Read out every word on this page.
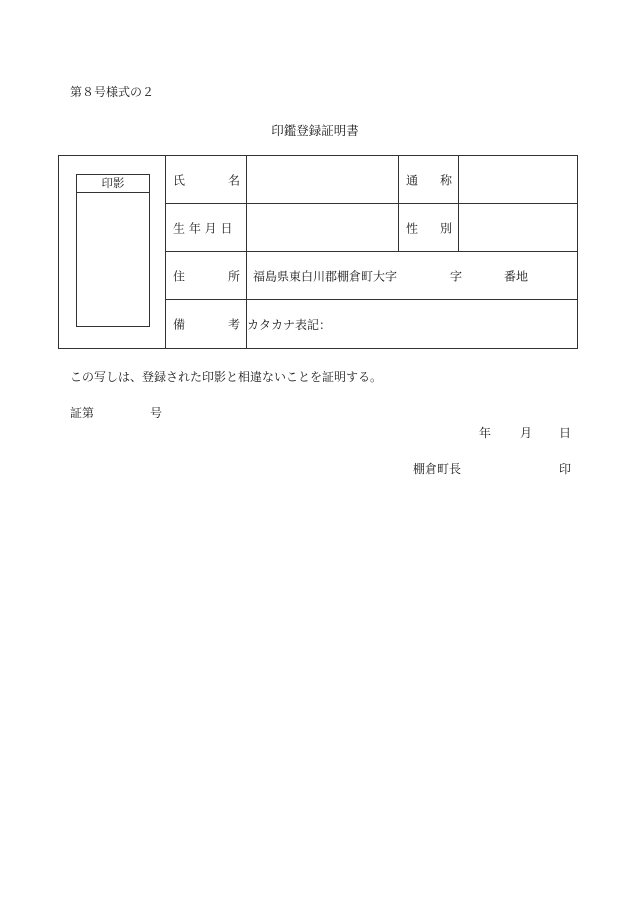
第８号様式の２
印鑑登録証明書
印影	氏 名		通 称	

	生 年 月 日		性 別	

	住 所	福島県東白川郡棚倉町大字 字 番地		

	備 考	カタカナ表記：		
この写しは、登録された印影と相違ないことを証明する。
証第	号
年 月 日
棚倉町長	印
